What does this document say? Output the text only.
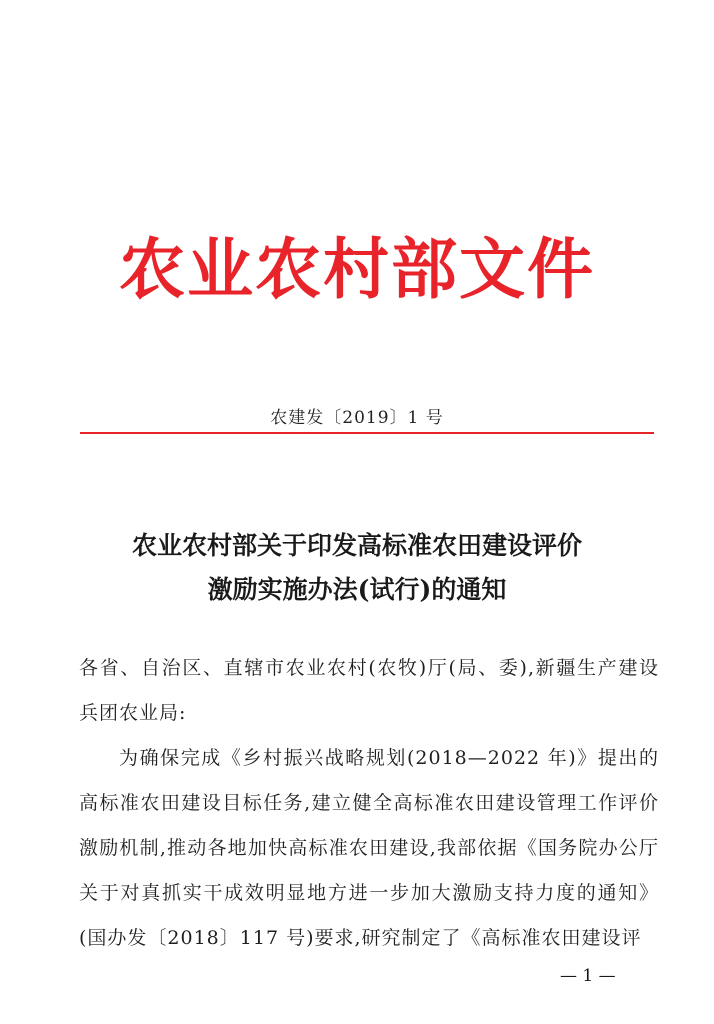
农业农村部文件
农建发〔2019〕1 号
农业农村部关于印发高标准农田建设评价
激励实施办法(试行)的通知

各省、自治区、直辖市农业农村(农牧)厅(局、委),新疆生产建设兵团农业局:

为确保完成《乡村振兴战略规划(2018—2022 年)》提出的高标准农田建设目标任务,建立健全高标准农田建设管理工作评价激励机制,推动各地加快高标准农田建设,我部依据《国务院办公厅关于对真抓实干成效明显地方进一步加大激励支持力度的通知》(国办发〔2018〕117 号)要求,研究制定了《高标准农田建设评

— 1 —
